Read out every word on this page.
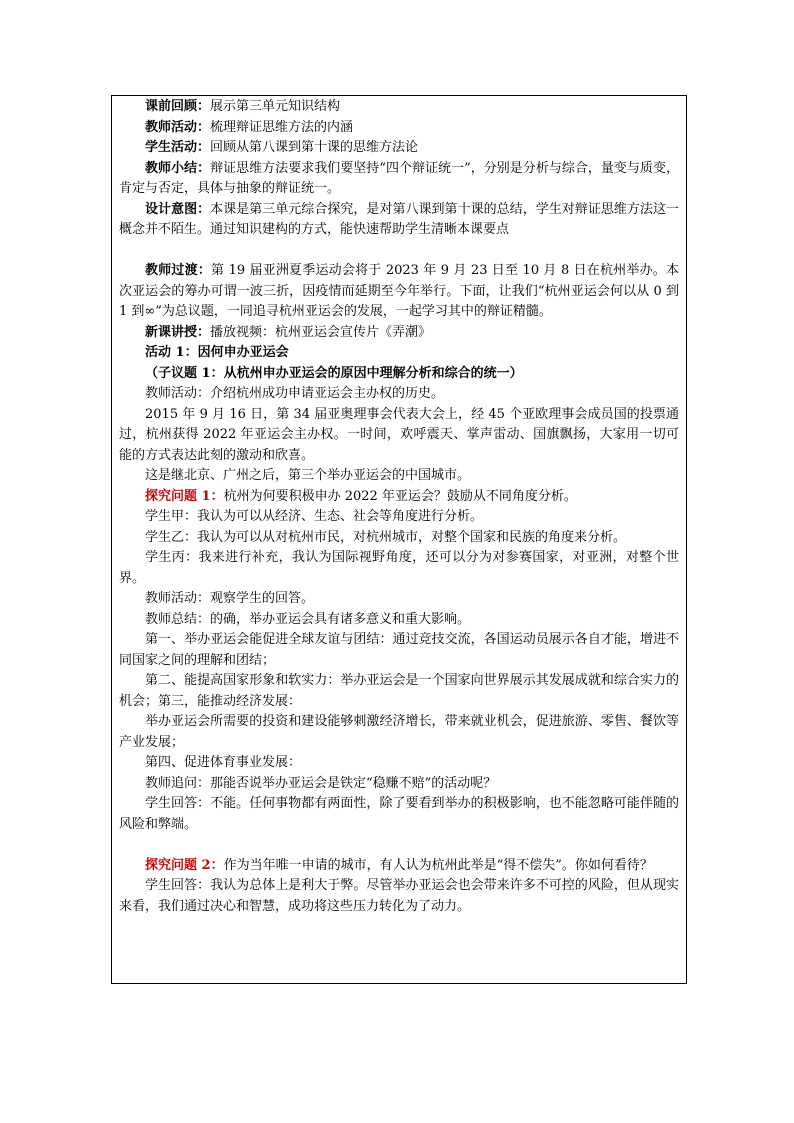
课前回顾：展示第三单元知识结构

教师活动：梳理辩证思维方法的内涵

学生活动：回顾从第八课到第十课的思维方法论

教师小结：辩证思维方法要求我们要坚持“四个辩证统一”，分别是分析与综合，量变与质变，肯定与否定，具体与抽象的辩证统一。

设计意图：本课是第三单元综合探究，是对第八课到第十课的总结，学生对辩证思维方法这一概念并不陌生。通过知识建构的方式，能快速帮助学生清晰本课要点

教师过渡：第 19 届亚洲夏季运动会将于 2023 年 9 月 23 日至 10 月 8 日在杭州举办。本次亚运会的筹办可谓一波三折，因疫情而延期至今年举行。下面，让我们“杭州亚运会何以从 0 到 1 到∞”为总议题，一同追寻杭州亚运会的发展，一起学习其中的辩证精髓。

新课讲授：播放视频：杭州亚运会宣传片《弄潮》

活动 1：因何申办亚运会

（子议题 1：从杭州申办亚运会的原因中理解分析和综合的统一）

教师活动：介绍杭州成功申请亚运会主办权的历史。

2015 年 9 月 16 日，第 34 届亚奥理事会代表大会上，经 45 个亚欧理事会成员国的投票通过，杭州获得 2022 年亚运会主办权。一时间，欢呼震天、掌声雷动、国旗飘扬，大家用一切可能的方式表达此刻的激动和欣喜。

这是继北京、广州之后，第三个举办亚运会的中国城市。

探究问题 1：杭州为何要积极申办 2022 年亚运会？鼓励从不同角度分析。

学生甲：我认为可以从经济、生态、社会等角度进行分析。

学生乙：我认为可以从对杭州市民，对杭州城市，对整个国家和民族的角度来分析。

学生丙：我来进行补充，我认为国际视野角度，还可以分为对参赛国家，对亚洲，对整个世界。

教师活动：观察学生的回答。

教师总结：的确，举办亚运会具有诸多意义和重大影响。

第一、举办亚运会能促进全球友谊与团结：通过竞技交流，各国运动员展示各自才能，增进不同国家之间的理解和团结；

第二、能提高国家形象和软实力：举办亚运会是一个国家向世界展示其发展成就和综合实力的机会；第三，能推动经济发展：

举办亚运会所需要的投资和建设能够刺激经济增长，带来就业机会，促进旅游、零售、餐饮等产业发展；

第四、促进体育事业发展：

教师追问：那能否说举办亚运会是铁定“稳赚不赔”的活动呢？

学生回答：不能。任何事物都有两面性，除了要看到举办的积极影响，也不能忽略可能伴随的风险和弊端。

探究问题 2：作为当年唯一申请的城市，有人认为杭州此举是“得不偿失”。你如何看待？

学生回答：我认为总体上是利大于弊。尽管举办亚运会也会带来许多不可控的风险，但从现实来看，我们通过决心和智慧，成功将这些压力转化为了动力。
